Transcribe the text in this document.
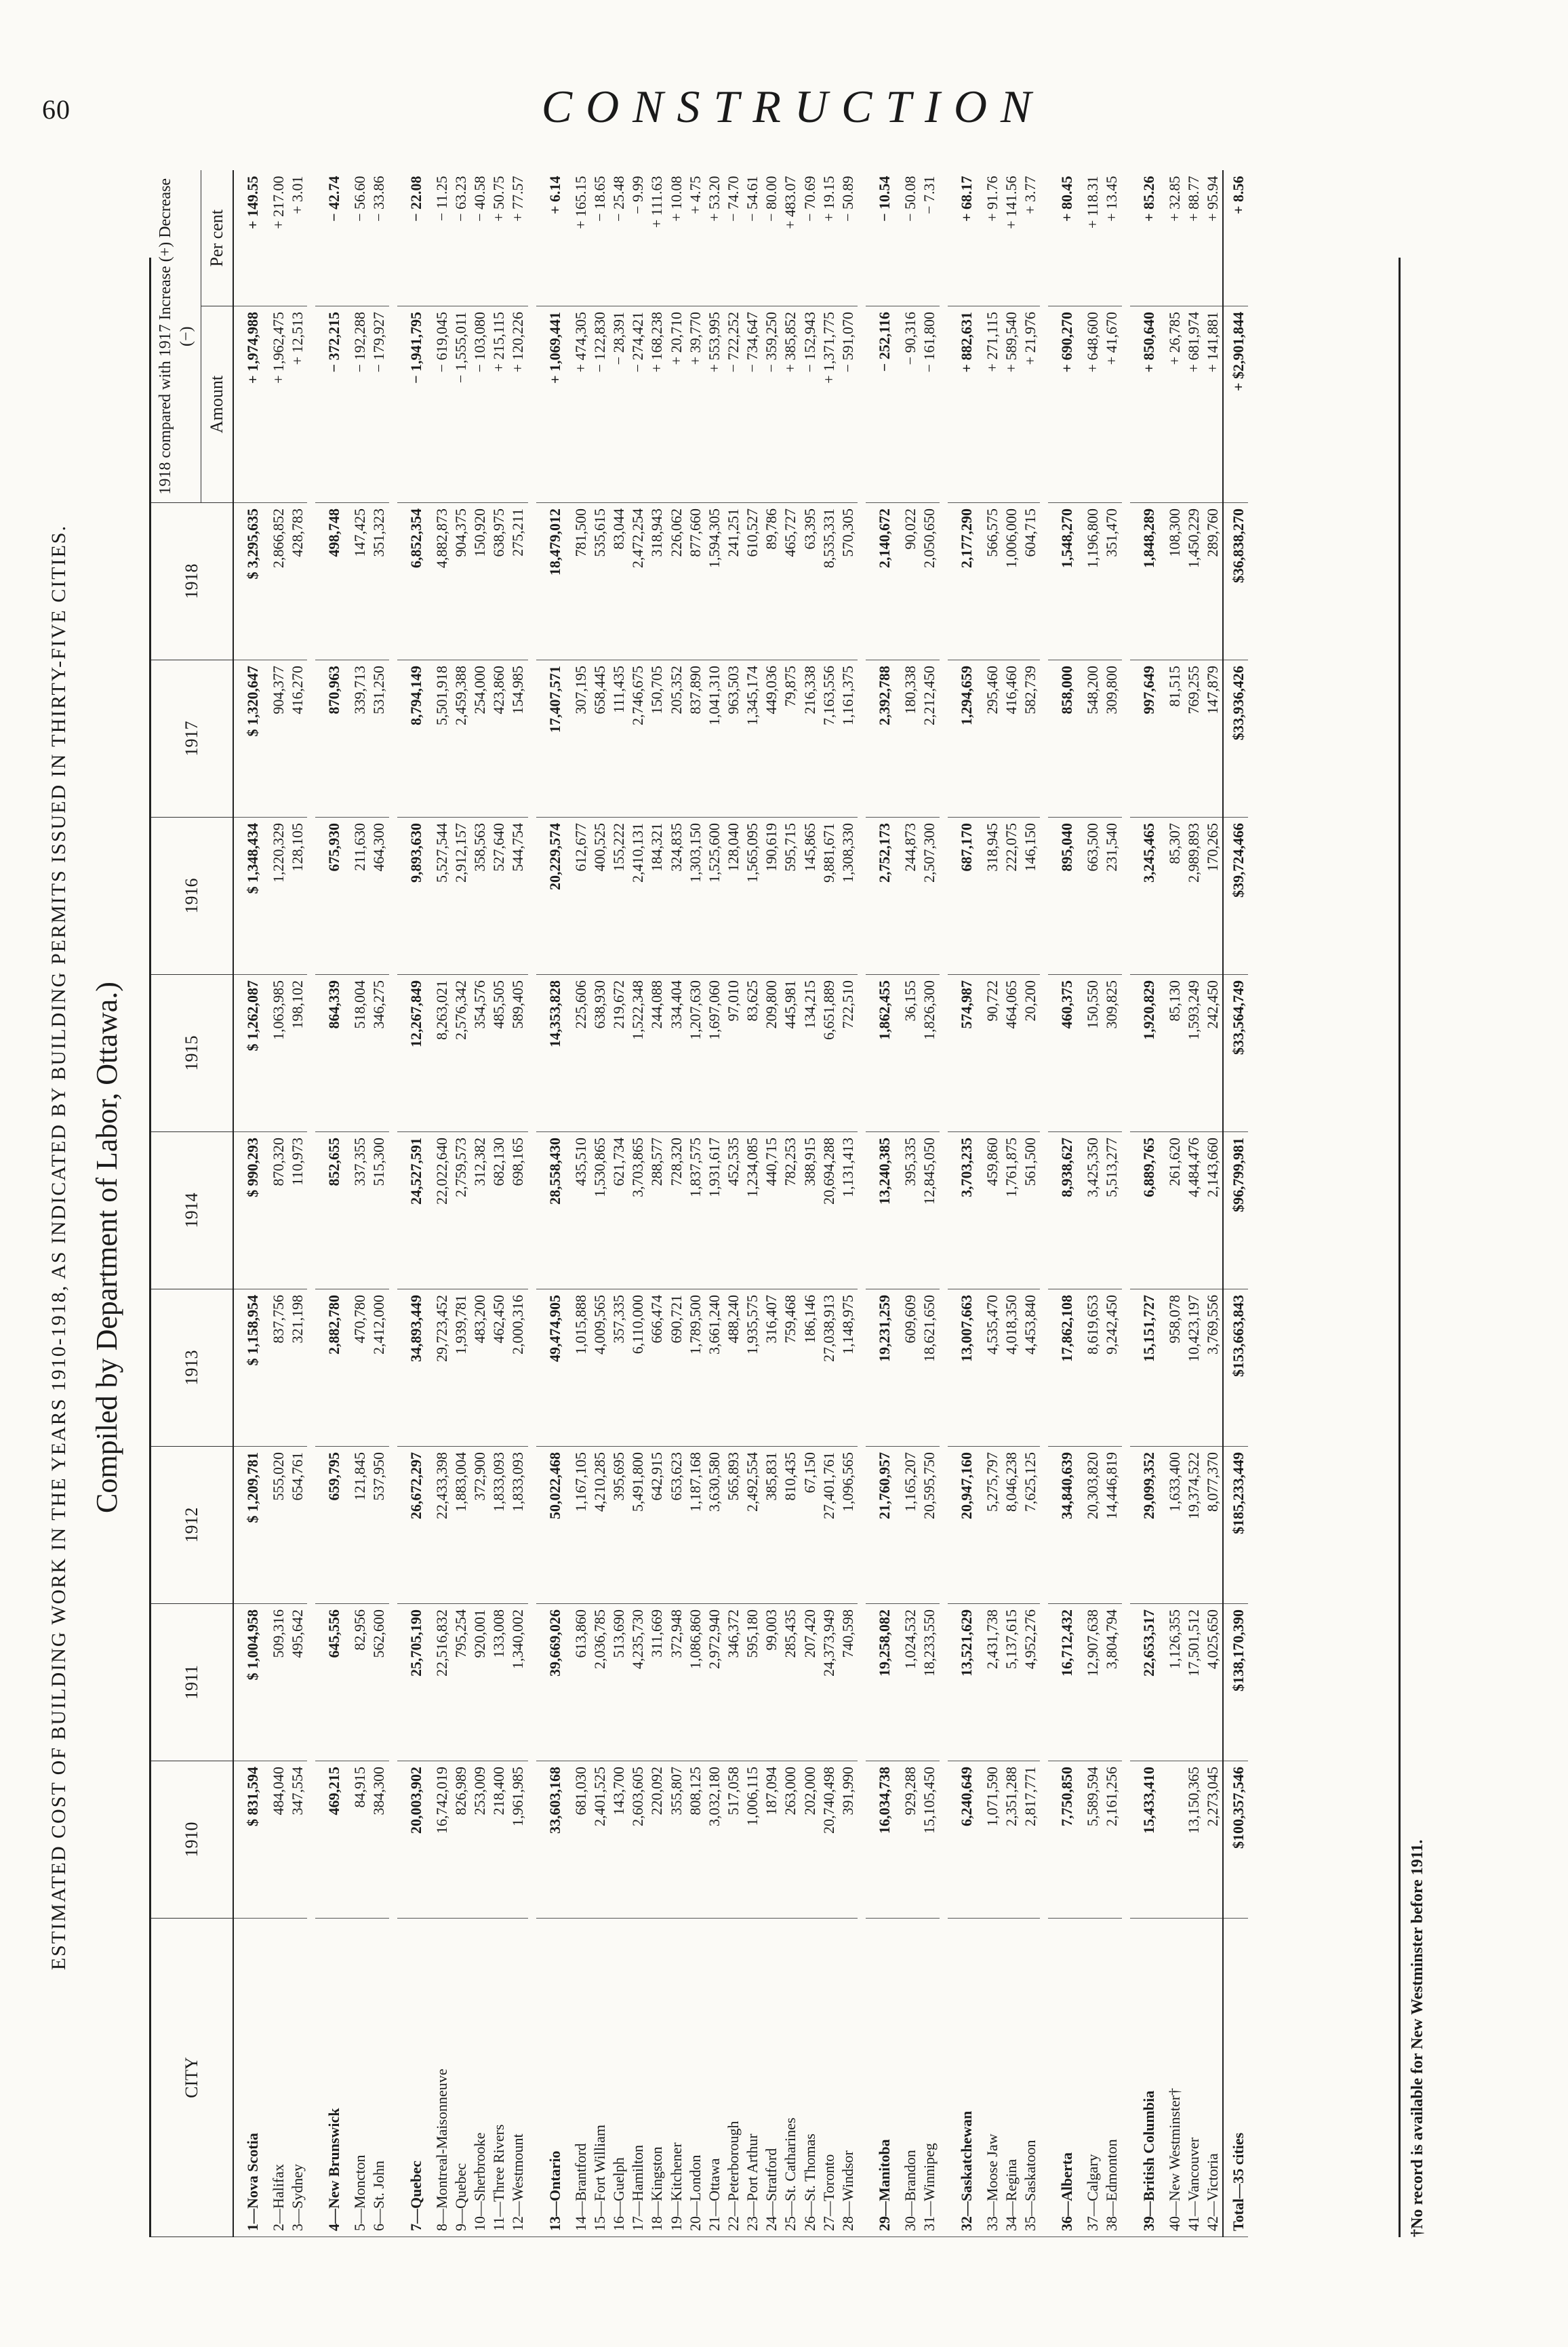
60	CONSTRUCTION
ESTIMATED COST OF BUILDING WORK IN THE YEARS 1910-1918, AS INDICATED BY BUILDING PERMITS ISSUED IN THIRTY-FIVE CITIES. Compiled by Department of Labor, Ottawa.)
CITY	1910	1911	1912	1913	1914	1915	1916	1917	1918	1918 compared with 1917 Increase (+) Decrease (−)	
										Amount	Per cent
1—Nova Scotia	$ 831,594	$ 1,004,958	$ 1,209,781	$ 1,158,954	$ 990,293	$ 1,262,087	$ 1,348,434	$ 1,320,647	$ 3,295,635	+ 1,974,988	+ 149.55
2—Halifax	484,040	509,316	555,020	837,756	870,320	1,063,985	1,220,329	904,377	2,866,852	+ 1,962,475	+ 217.00
3—Sydney	347,554	495,642	654,761	321,198	110,973	198,102	128,105	416,270	428,783	+ 12,513	+ 3.01

4—New Brunswick	469,215	645,556	659,795	2,882,780	852,655	864,339	675,930	870,963	498,748	− 372,215	− 42.74
5—Moncton	84,915	82,956	121,845	470,780	337,355	518,004	211,630	339,713	147,425	− 192,288	− 56.60
6—St. John	384,300	562,600	537,950	2,412,000	515,300	346,275	464,300	531,250	351,323	− 179,927	− 33.86

7—Quebec	20,003,902	25,705,190	26,672,297	34,893,449	24,527,591	12,267,849	9,893,630	8,794,149	6,852,354	− 1,941,795	− 22.08
8—Montreal-Maisonneuve	16,742,019	22,516,832	22,433,398	29,723,452	22,022,640	8,263,021	5,527,544	5,501,918	4,882,873	− 619,045	− 11.25
9—Quebec	826,989	795,254	1,883,004	1,939,781	2,759,573	2,576,342	2,912,157	2,459,388	904,375	− 1,555,011	− 63.23
10—Sherbrooke	253,009	920,001	372,900	483,200	312,382	354,576	358,563	254,000	150,920	− 103,080	− 40.58
11—Three Rivers	218,400	133,008	1,833,093	462,450	682,130	485,505	527,640	423,860	638,975	+ 215,115	+ 50.75
12—Westmount	1,961,985	1,340,002	1,833,093	2,000,316	698,165	589,405	544,754	154,985	275,211	+ 120,226	+ 77.57

13—Ontario	33,603,168	39,669,026	50,022,468	49,474,905	28,558,430	14,353,828	20,229,574	17,407,571	18,479,012	+ 1,069,441	+ 6.14
14—Brantford	681,030	613,860	1,167,105	1,015,888	435,510	225,606	612,677	307,195	781,500	+ 474,305	+ 165.15
15—Fort William	2,401,525	2,036,785	4,210,285	4,009,565	1,530,865	638,930	400,525	658,445	535,615	− 122,830	− 18.65
16—Guelph	143,700	513,690	395,695	357,335	621,734	219,672	155,222	111,435	83,044	− 28,391	− 25.48
17—Hamilton	2,603,605	4,235,730	5,491,800	6,110,000	3,703,865	1,522,348	2,410,131	2,746,675	2,472,254	− 274,421	− 9.99
18—Kingston	220,092	311,669	642,915	666,474	288,577	244,088	184,321	150,705	318,943	+ 168,238	+ 111.63
19—Kitchener	355,807	372,948	653,623	690,721	728,320	334,404	324,835	205,352	226,062	+ 20,710	+ 10.08
20—London	808,125	1,086,860	1,187,168	1,789,500	1,837,575	1,207,630	1,303,150	837,890	877,660	+ 39,770	+ 4.75
21—Ottawa	3,032,180	2,972,940	3,630,580	3,661,240	1,931,617	1,697,060	1,525,600	1,041,310	1,594,305	+ 553,995	+ 53.20
22—Peterborough	517,058	346,372	565,893	488,240	452,535	97,010	128,040	963,503	241,251	− 722,252	− 74.70
23—Port Arthur	1,006,115	595,180	2,492,554	1,935,575	1,234,085	83,625	1,565,095	1,345,174	610,527	− 734,647	− 54.61
24—Stratford	187,094	99,003	385,831	316,407	440,715	209,800	190,619	449,036	89,786	− 359,250	− 80.00
25—St. Catharines	263,000	285,435	810,435	759,468	782,253	445,981	595,715	79,875	465,727	+ 385,852	+ 483.07
26—St. Thomas	202,000	207,420	67,150	186,146	388,915	134,215	145,865	216,338	63,395	− 152,943	− 70.69
27—Toronto	20,740,498	24,373,949	27,401,761	27,038,913	20,694,288	6,651,889	9,881,671	7,163,556	8,535,331	+ 1,371,775	+ 19.15
28—Windsor	391,990	740,598	1,096,565	1,148,975	1,131,413	722,510	1,308,330	1,161,375	570,305	− 591,070	− 50.89

29—Manitoba	16,034,738	19,258,082	21,760,957	19,231,259	13,240,385	1,862,455	2,752,173	2,392,788	2,140,672	− 252,116	− 10.54
30—Brandon	929,288	1,024,532	1,165,207	609,609	395,335	36,155	244,873	180,338	90,022	− 90,316	− 50.08
31—Winnipeg	15,105,450	18,233,550	20,595,750	18,621,650	12,845,050	1,826,300	2,507,300	2,212,450	2,050,650	− 161,800	− 7.31

32—Saskatchewan	6,240,649	13,521,629	20,947,160	13,007,663	3,703,235	574,987	687,170	1,294,659	2,177,290	+ 882,631	+ 68.17
33—Moose Jaw	1,071,590	2,431,738	5,275,797	4,535,470	459,860	90,722	318,945	295,460	566,575	+ 271,115	+ 91.76
34—Regina	2,351,288	5,137,615	8,046,238	4,018,350	1,761,875	464,065	222,075	416,460	1,006,000	+ 589,540	+ 141.56
35—Saskatoon	2,817,771	4,952,276	7,625,125	4,453,840	561,500	20,200	146,150	582,739	604,715	+ 21,976	+ 3.77

36—Alberta	7,750,850	16,712,432	34,840,639	17,862,108	8,938,627	460,375	895,040	858,000	1,548,270	+ 690,270	+ 80.45
37—Calgary	5,589,594	12,907,638	20,303,820	8,619,653	3,425,350	150,550	663,500	548,200	1,196,800	+ 648,600	+ 118.31
38—Edmonton	2,161,256	3,804,794	14,446,819	9,242,450	5,513,277	309,825	231,540	309,800	351,470	+ 41,670	+ 13.45

39—British Columbia	15,433,410	22,653,517	29,099,352	15,151,727	6,889,765	1,920,829	3,245,465	997,649	1,848,289	+ 850,640	+ 85.26
40—New Westminster†		1,126,355	1,633,400	958,078	261,620	85,130	85,307	81,515	108,300	+ 26,785	+ 32.85
41—Vancouver	13,150,365	17,501,512	19,374,522	10,423,197	4,484,476	1,593,249	2,989,893	769,255	1,450,229	+ 681,974	+ 88.77
42—Victoria	2,273,045	4,025,650	8,077,370	3,769,556	2,143,660	242,450	170,265	147,879	289,760	+ 141,881	+ 95.94
Total—35 cities	$100,357,546	$138,170,390	$185,233,449	$153,663,843	$96,799,981	$33,564,749	$39,724,466	$33,936,426	$36,838,270	+ $2,901,844	+ 8.56
†No record is available for New Westminster before 1911.
